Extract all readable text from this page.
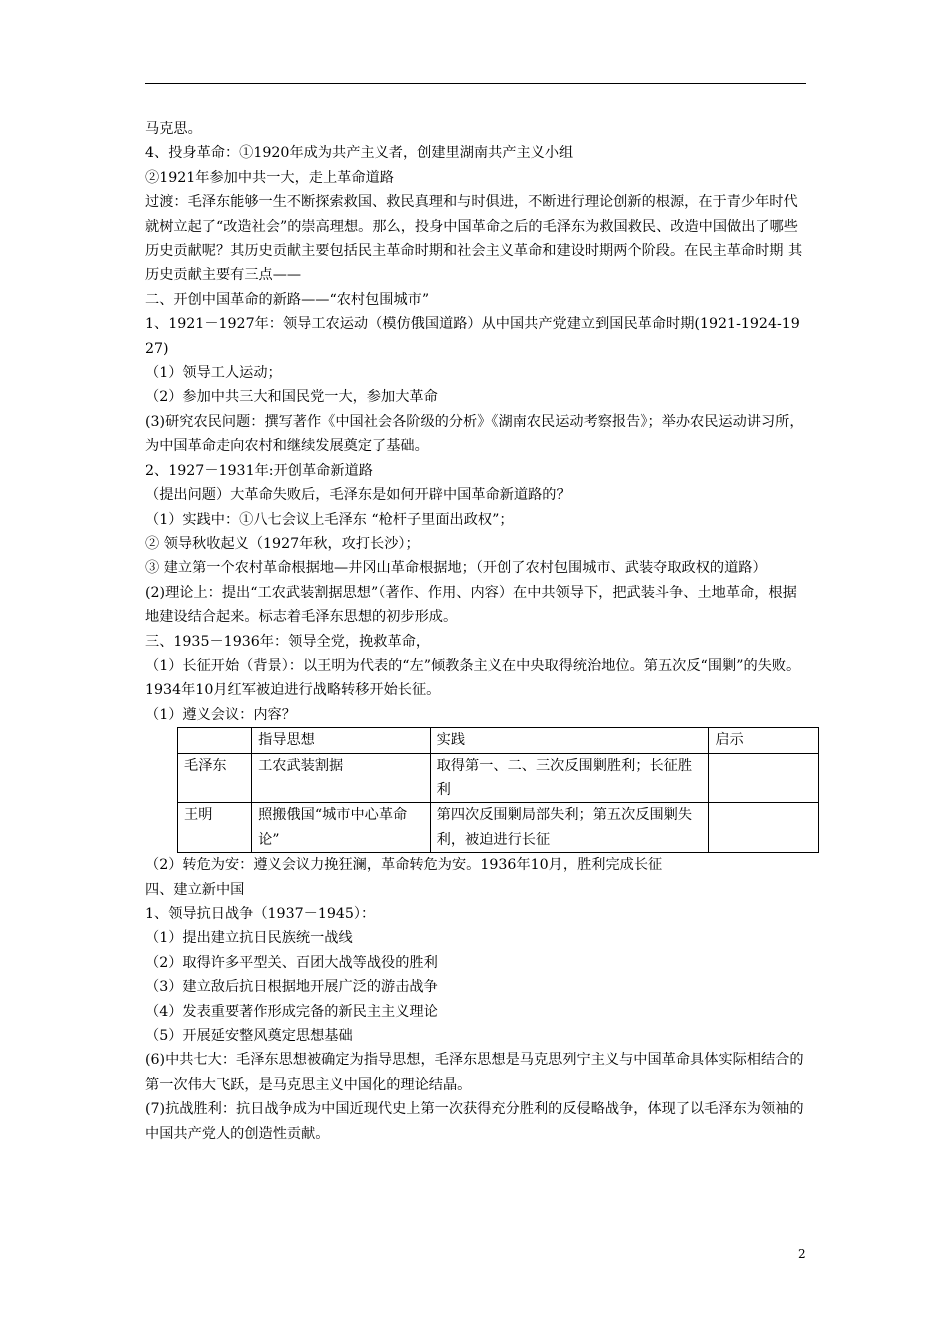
马克思。
4、投身革命：①1920年成为共产主义者，创建里湖南共产主义小组
②1921年参加中共一大，走上革命道路
过渡：毛泽东能够一生不断探索救国、救民真理和与时俱进，不断进行理论创新的根源，在于青少年时代就树立起了“改造社会”的崇高理想。那么，投身中国革命之后的毛泽东为救国救民、改造中国做出了哪些历史贡献呢？其历史贡献主要包括民主革命时期和社会主义革命和建设时期两个阶段。在民主革命时期 其历史贡献主要有三点——
二、开创中国革命的新路——“农村包围城市”
1、1921－1927年：领导工农运动（模仿俄国道路）从中国共产党建立到国民革命时期(1921-1924-1927)
（1）领导工人运动；
（2）参加中共三大和国民党一大，参加大革命
(3)研究农民问题：撰写著作《中国社会各阶级的分析》《湖南农民运动考察报告》；举办农民运动讲习所，为中国革命走向农村和继续发展奠定了基础。
2、1927－1931年:开创革命新道路
（提出问题）大革命失败后，毛泽东是如何开辟中国革命新道路的？
（1）实践中：①八七会议上毛泽东 “枪杆子里面出政权”；
② 领导秋收起义（1927年秋，攻打长沙）；
③ 建立第一个农村革命根据地—井冈山革命根据地；（开创了农村包围城市、武装夺取政权的道路）
(2)理论上：提出“工农武装割据思想”（著作、作用、内容）在中共领导下，把武装斗争、土地革命，根据地建设结合起来。标志着毛泽东思想的初步形成。
三、1935－1936年：领导全党，挽救革命，
（1）长征开始（背景）：以王明为代表的“左”倾教条主义在中央取得统治地位。第五次反“围剿”的失败。1934年10月红军被迫进行战略转移开始长征。
（1）遵义会议：内容？
	指导思想	实践	启示
毛泽东	工农武装割据	取得第一、二、三次反围剿胜利；长征胜利	
王明	照搬俄国“城市中心革命论”	第四次反围剿局部失利；第五次反围剿失利，被迫进行长征	
（2）转危为安：遵义会议力挽狂澜，革命转危为安。1936年10月，胜利完成长征
四、建立新中国
1、领导抗日战争（1937－1945）：
（1）提出建立抗日民族统一战线
（2）取得许多平型关、百团大战等战役的胜利
（3）建立敌后抗日根据地开展广泛的游击战争
（4）发表重要著作形成完备的新民主主义理论
（5）开展延安整风奠定思想基础
(6)中共七大：毛泽东思想被确定为指导思想，毛泽东思想是马克思列宁主义与中国革命具体实际相结合的第一次伟大飞跃，是马克思主义中国化的理论结晶。
(7)抗战胜利：抗日战争成为中国近现代史上第一次获得充分胜利的反侵略战争，体现了以毛泽东为领袖的中国共产党人的创造性贡献。
2
